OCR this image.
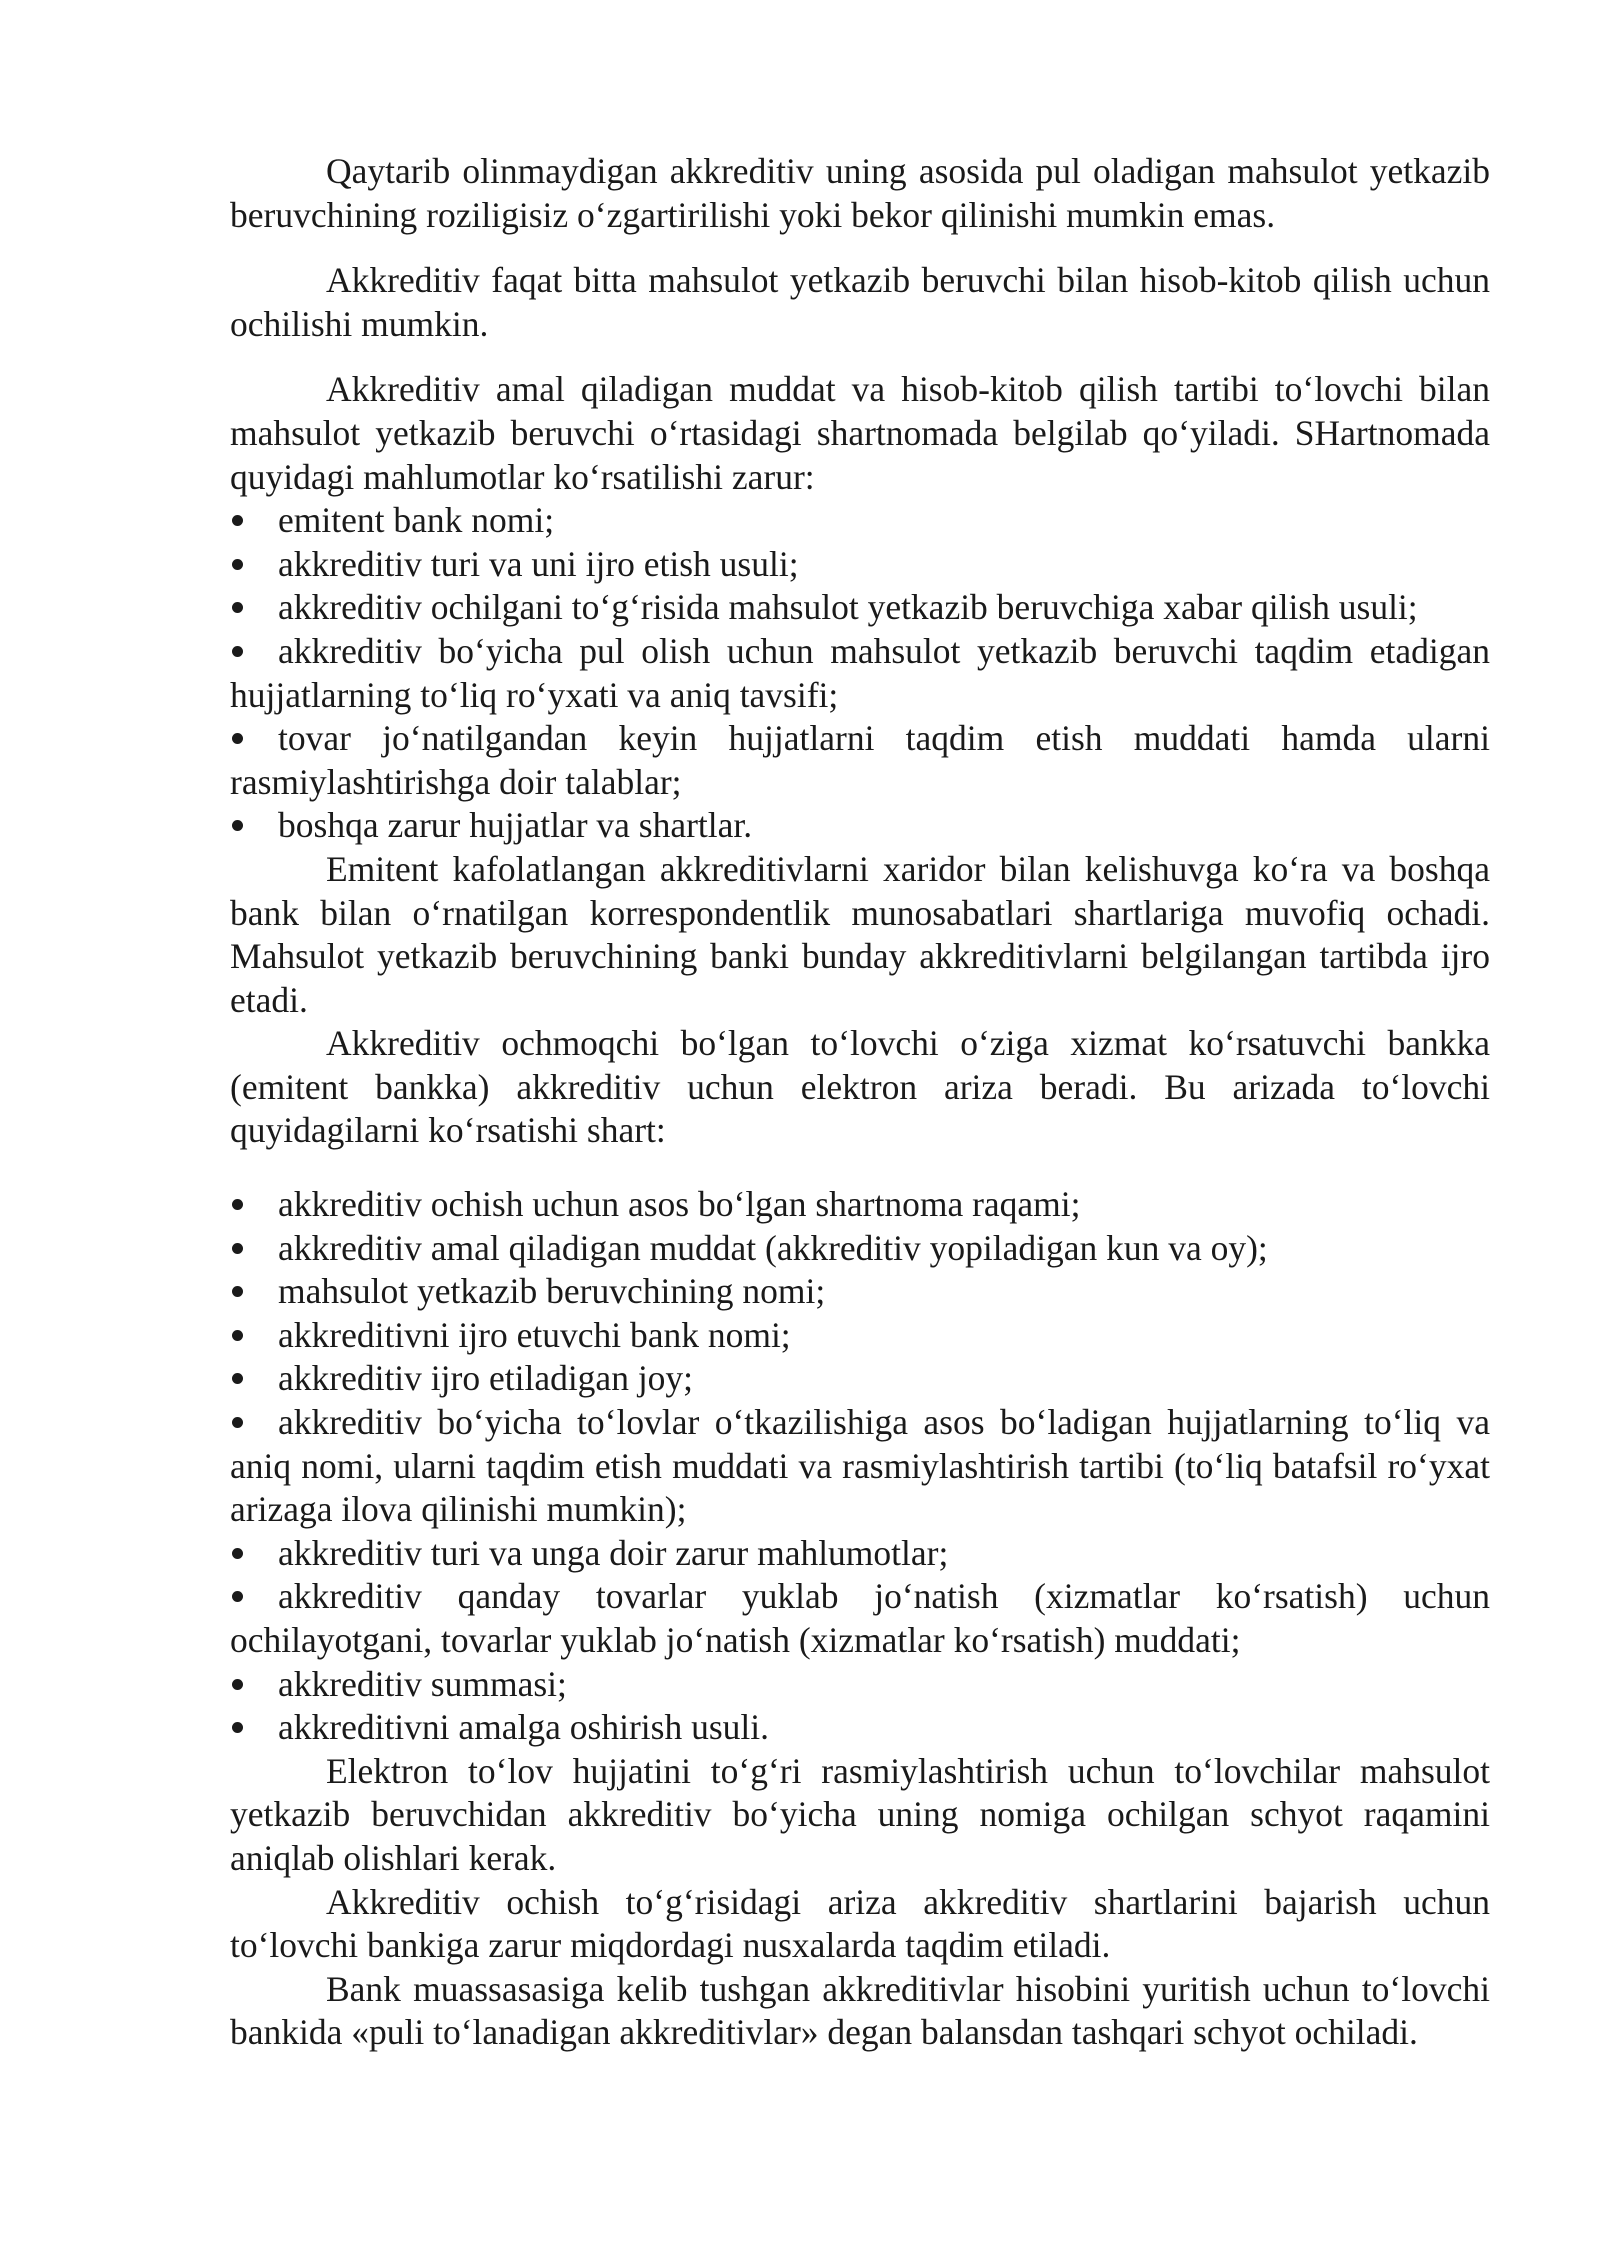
Qaytarib olinmaydigan akkreditiv uning asosida pul oladigan mahsulot yetkazib beruvchining roziligisiz o‘zgartirilishi yoki bekor qilinishi mumkin emas.

Akkreditiv faqat bitta mahsulot yetkazib beruvchi bilan hisob-kitob qilish uchun ochilishi mumkin.

Akkreditiv amal qiladigan muddat va hisob-kitob qilish tartibi to‘lovchi bilan mahsulot yetkazib beruvchi o‘rtasidagi shartnomada belgilab qo‘yiladi. SHartnomada quyidagi mahlumotlar ko‘rsatilishi zarur:

emitent bank nomi;
akkreditiv turi va uni ijro etish usuli;
akkreditiv ochilgani to‘g‘risida mahsulot yetkazib beruvchiga xabar qilish usuli;
akkreditiv bo‘yicha pul olish uchun mahsulot yetkazib beruvchi taqdim etadigan hujjatlarning to‘liq ro‘yxati va aniq tavsifi;
tovar jo‘natilgandan keyin hujjatlarni taqdim etish muddati hamda ularni rasmiylashtirishga doir talablar;
boshqa zarur hujjatlar va shartlar.

Emitent kafolatlangan akkreditivlarni xaridor bilan kelishuvga ko‘ra va boshqa bank bilan o‘rnatilgan korrespondentlik munosabatlari shartlariga muvofiq ochadi. Mahsulot yetkazib beruvchining banki bunday akkreditivlarni belgilangan tartibda ijro etadi.

Akkreditiv ochmoqchi bo‘lgan to‘lovchi o‘ziga xizmat ko‘rsatuvchi bankka (emitent bankka) akkreditiv uchun elektron ariza beradi. Bu arizada to‘lovchi quyidagilarni ko‘rsatishi shart:

akkreditiv ochish uchun asos bo‘lgan shartnoma raqami;
akkreditiv amal qiladigan muddat (akkreditiv yopiladigan kun va oy);
mahsulot yetkazib beruvchining nomi;
akkreditivni ijro etuvchi bank nomi;
akkreditiv ijro etiladigan joy;
akkreditiv bo‘yicha to‘lovlar o‘tkazilishiga asos bo‘ladigan hujjatlarning to‘liq va aniq nomi, ularni taqdim etish muddati va rasmiylashtirish tartibi (to‘liq batafsil ro‘yxat arizaga ilova qilinishi mumkin);
akkreditiv turi va unga doir zarur mahlumotlar;
akkreditiv qanday tovarlar yuklab jo‘natish (xizmatlar ko‘rsatish) uchun ochilayotgani, tovarlar yuklab jo‘natish (xizmatlar ko‘rsatish) muddati;
akkreditiv summasi;
akkreditivni amalga oshirish usuli.

Elektron to‘lov hujjatini to‘g‘ri rasmiylashtirish uchun to‘lovchilar mahsulot yetkazib beruvchidan akkreditiv bo‘yicha uning nomiga ochilgan schyot raqamini aniqlab olishlari kerak.

Akkreditiv ochish to‘g‘risidagi ariza akkreditiv shartlarini bajarish uchun to‘lovchi bankiga zarur miqdordagi nusxalarda taqdim etiladi.

Bank muassasasiga kelib tushgan akkreditivlar hisobini yuritish uchun to‘lovchi bankida «puli to‘lanadigan akkreditivlar» degan balansdan tashqari schyot ochiladi.
